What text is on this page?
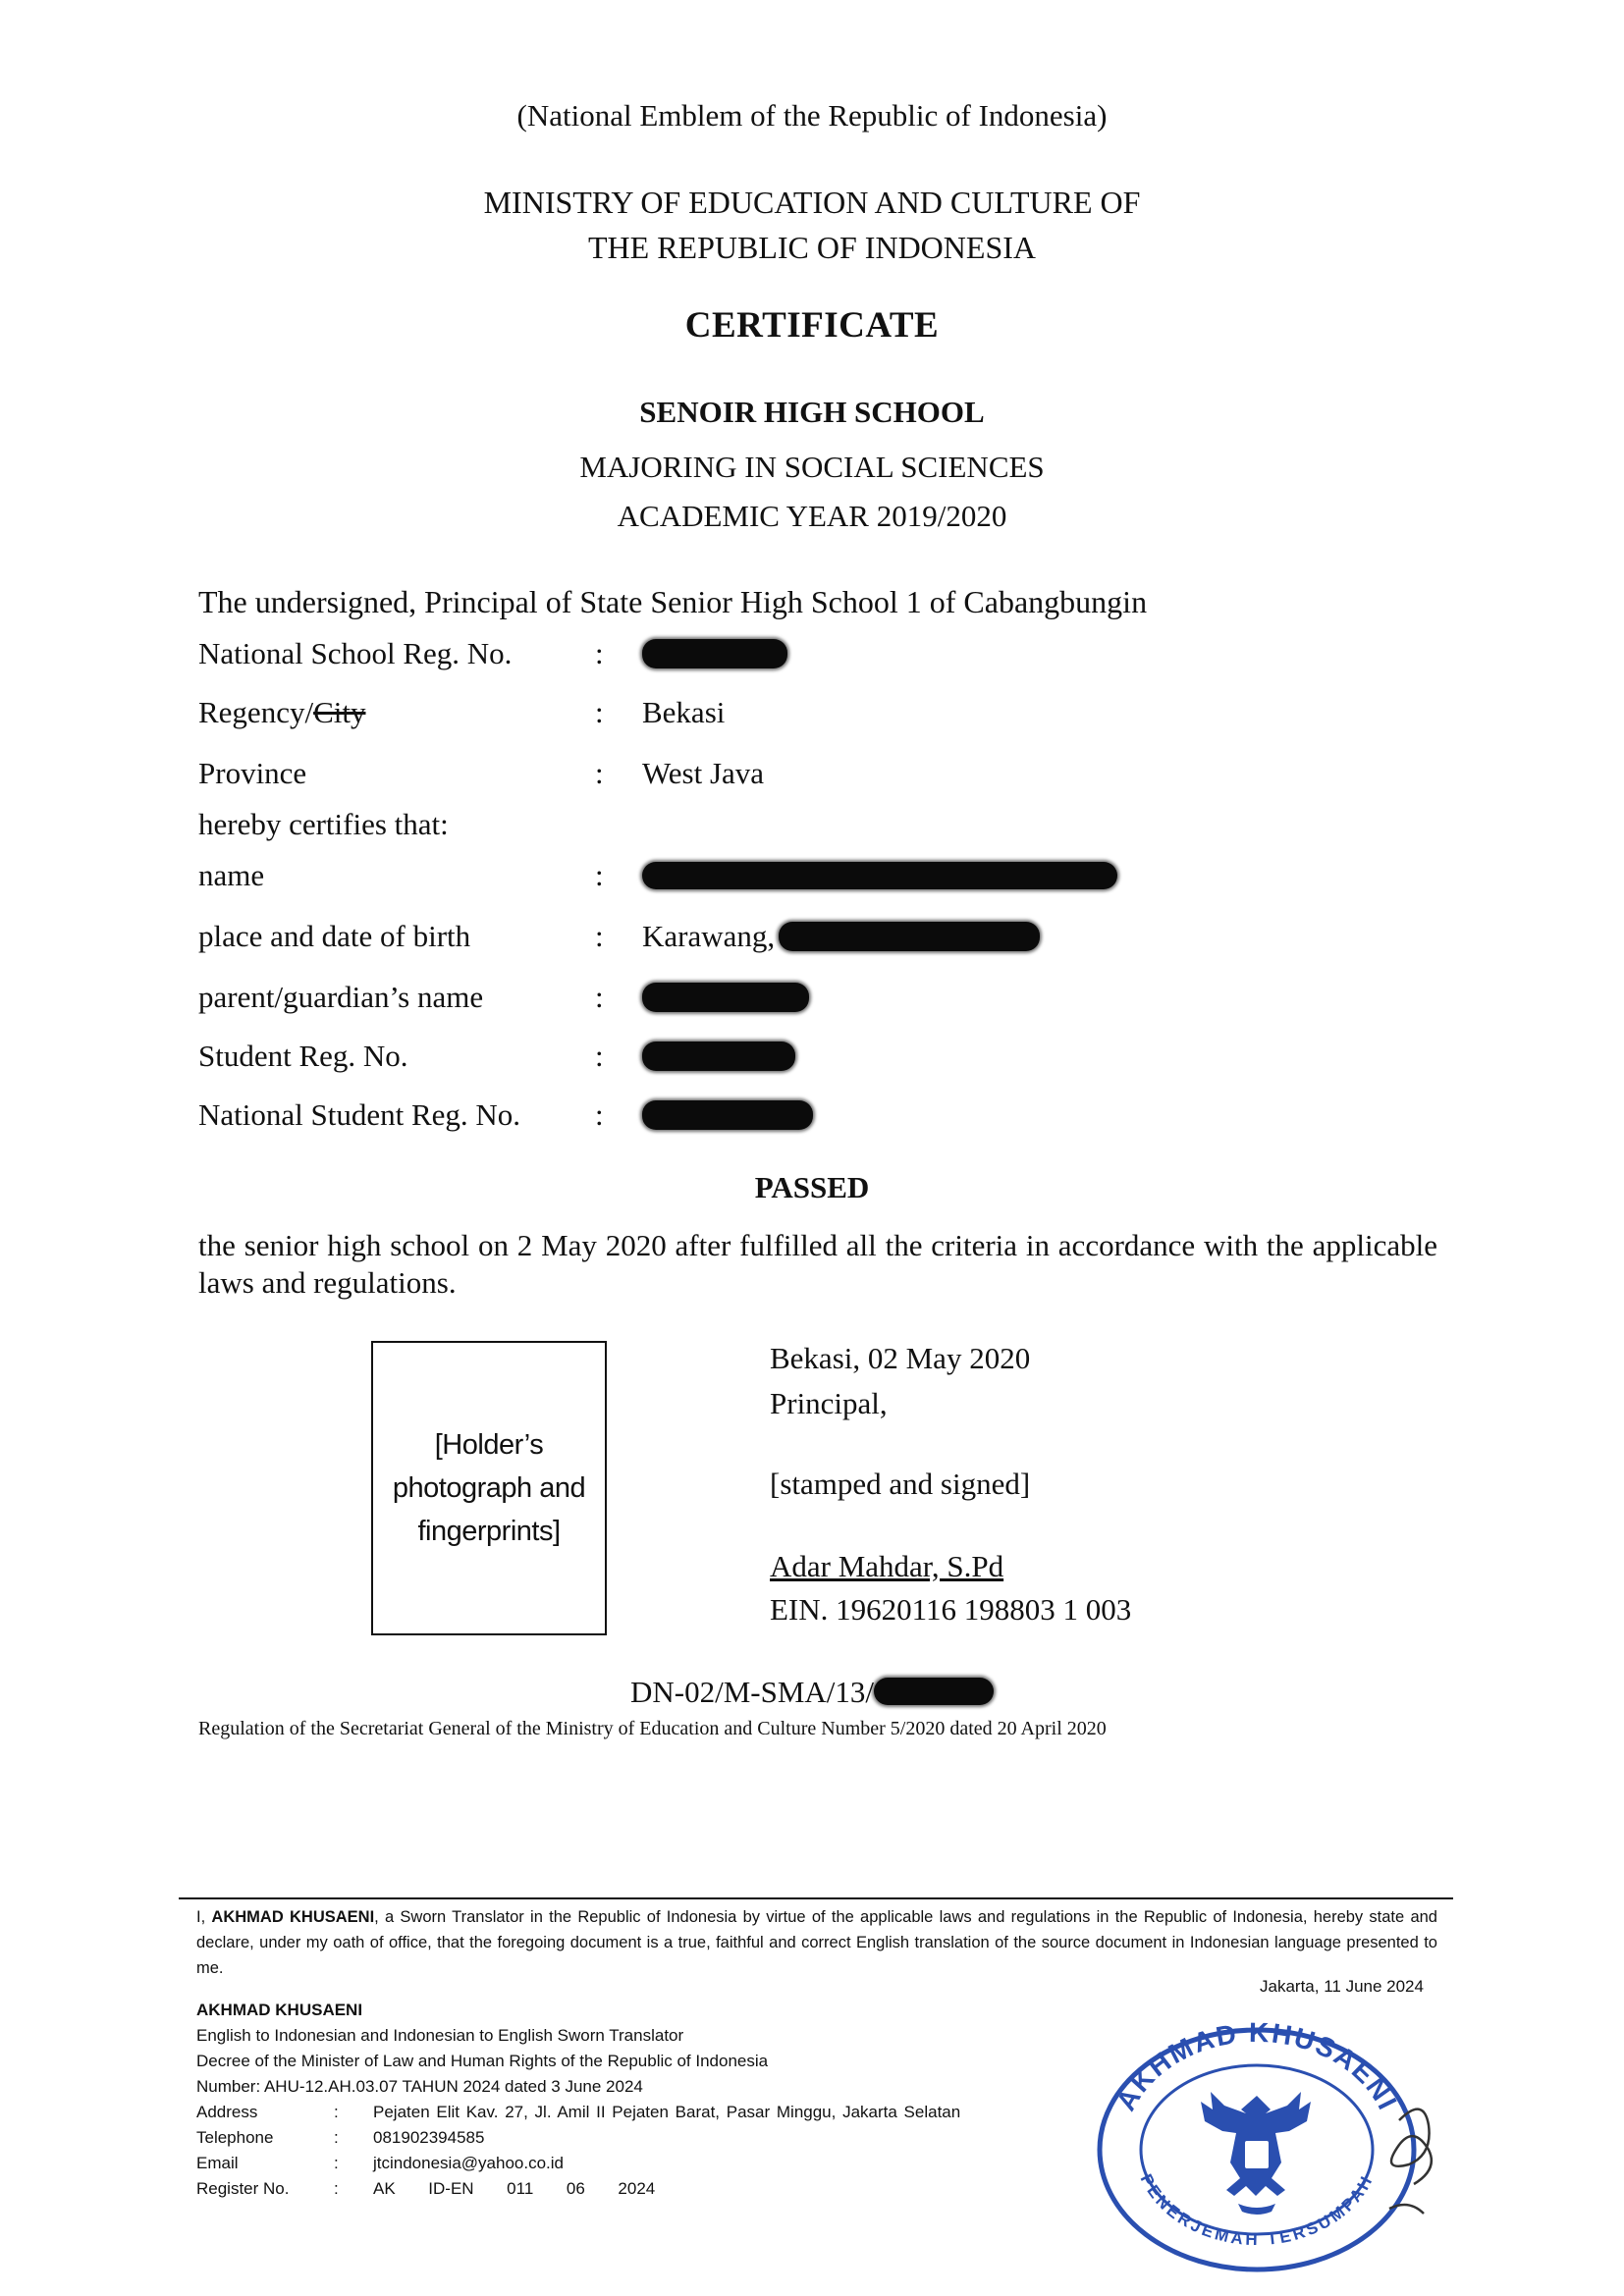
(National Emblem of the Republic of Indonesia)
MINISTRY OF EDUCATION AND CULTURE OF
THE REPUBLIC OF INDONESIA
CERTIFICATE
SENOIR HIGH SCHOOL
MAJORING IN SOCIAL SCIENCES
ACADEMIC YEAR 2019/2020
The undersigned, Principal of State Senior High School 1 of Cabangbungin
National School Reg. No.	:
Regency/City	: Bekasi
Province	: West Java
hereby certifies that:
name	:
place and date of birth	: Karawang,
parent/guardian’s name	:
Student Reg. No.	:
National Student Reg. No. :
PASSED
the senior high school on 2 May 2020 after fulfilled all the criteria in accordance with the applicable laws and regulations.
[Holder’s
photograph and
fingerprints]
Bekasi, 02 May 2020
Principal,
[stamped and signed]
Adar Mahdar, S.Pd
EIN. 19620116 198803 1 003
DN-02/M-SMA/13/
Regulation of the Secretariat General of the Ministry of Education and Culture Number 5/2020 dated 20 April 2020
I, AKHMAD KHUSAENI, a Sworn Translator in the Republic of Indonesia by virtue of the applicable laws and regulations in the Republic of Indonesia, hereby state and declare, under my oath of office, that the foregoing document is a true, faithful and correct English translation of the source document in Indonesian language presented to me.
Jakarta, 11 June 2024
AKHMAD KHUSAENI
English to Indonesian and Indonesian to English Sworn Translator
Decree of the Minister of Law and Human Rights of the Republic of Indonesia
Number: AHU-12.AH.03.07 TAHUN 2024 dated 3 June 2024
Address	: Pejaten Elit Kav. 27, Jl. Amil II Pejaten Barat, Pasar Minggu, Jakarta Selatan
Telephone	: 081902394585
Email	: jtcindonesia@yahoo.co.id
Register No.	: AK     ID-EN     011     06     2024
AKHMAD KHUSAENI
PENERJEMAH TERSUMPAH
